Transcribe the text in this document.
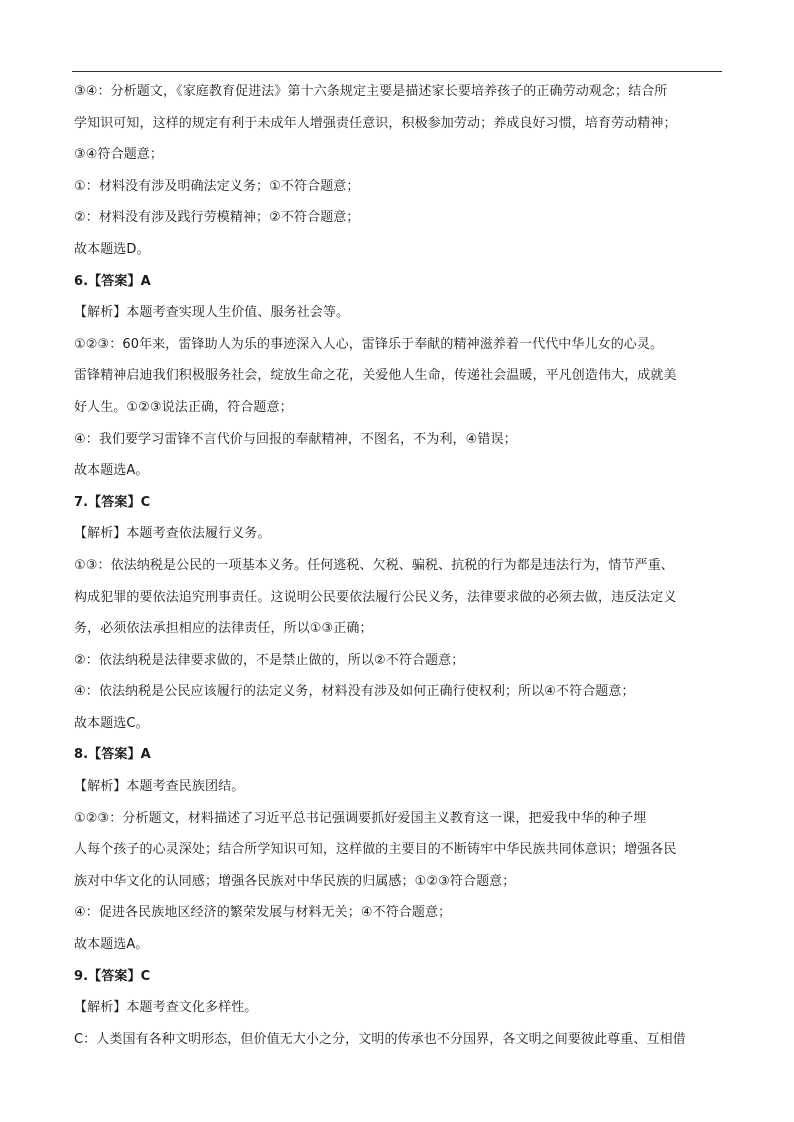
③④：分析题文，《家庭教育促进法》第十六条规定主要是描述家长要培养孩子的正确劳动观念；结合所
学知识可知，这样的规定有利于未成年人增强责任意识，积极参加劳动；养成良好习惯，培育劳动精神；
③④符合题意；
①：材料没有涉及明确法定义务；①不符合题意；
②：材料没有涉及践行劳模精神；②不符合题意；
故本题选D。
6.【答案】A
【解析】本题考查实现人生价值、服务社会等。
①②③：60年来，雷锋助人为乐的事迹深入人心，雷锋乐于奉献的精神滋养着一代代中华儿女的心灵。
雷锋精神启迪我们积极服务社会，绽放生命之花，关爱他人生命，传递社会温暖，平凡创造伟大，成就美
好人生。①②③说法正确，符合题意；
④：我们要学习雷锋不言代价与回报的奉献精神，不图名，不为利，④错误；
故本题选A。
7.【答案】C
【解析】本题考查依法履行义务。
①③：依法纳税是公民的一项基本义务。任何逃税、欠税、骗税、抗税的行为都是违法行为，情节严重、
构成犯罪的要依法追究刑事责任。这说明公民要依法履行公民义务，法律要求做的必须去做，违反法定义
务，必须依法承担相应的法律责任，所以①③正确；
②：依法纳税是法律要求做的，不是禁止做的，所以②不符合题意；
④：依法纳税是公民应该履行的法定义务，材料没有涉及如何正确行使权利；所以④不符合题意；
故本题选C。
8.【答案】A
【解析】本题考查民族团结。
①②③：分析题文，材料描述了习近平总书记强调要抓好爱国主义教育这一课，把爱我中华的种子埋
人每个孩子的心灵深处；结合所学知识可知，这样做的主要目的不断铸牢中华民族共同体意识；增强各民
族对中华文化的认同感；增强各民族对中华民族的归属感；①②③符合题意；
④：促进各民族地区经济的繁荣发展与材料无关；④不符合题意；
故本题选A。
9.【答案】C
【解析】本题考查文化多样性。
C：人类国有各种文明形态，但价值无大小之分，文明的传承也不分国界，各文明之间要彼此尊重、互相借
